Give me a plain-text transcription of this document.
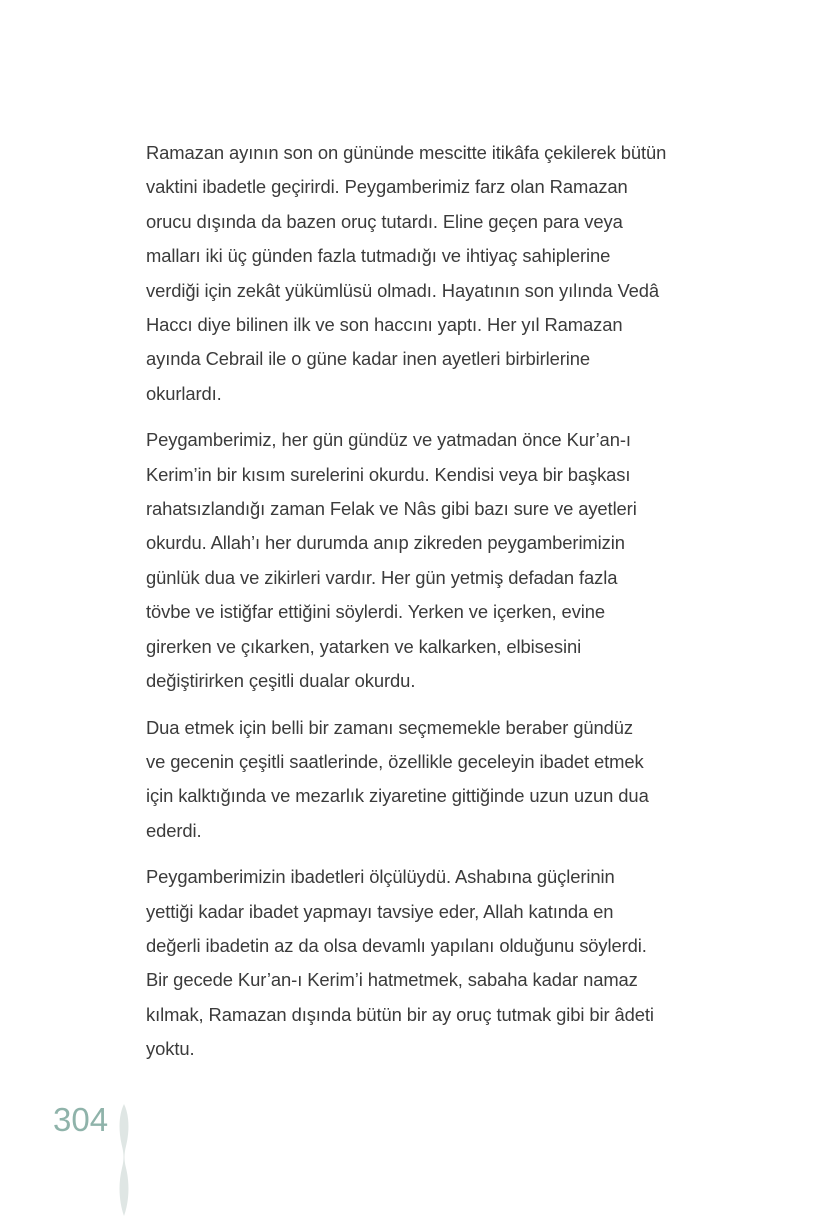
Ramazan ayının son on gününde mescitte itikâfa çekilerek bütün
vaktini ibadetle geçirirdi. Peygamberimiz farz olan Ramazan
orucu dışında da bazen oruç tutardı. Eline geçen para veya
malları iki üç günden fazla tutmadığı ve ihtiyaç sahiplerine
verdiği için zekât yükümlüsü olmadı. Hayatının son yılında Vedâ
Haccı diye bilinen ilk ve son haccını yaptı. Her yıl Ramazan
ayında Cebrail ile o güne kadar inen ayetleri birbirlerine
okurlardı.

Peygamberimiz, her gün gündüz ve yatmadan önce Kur’an-ı
Kerim’in bir kısım surelerini okurdu. Kendisi veya bir başkası
rahatsızlandığı zaman Felak ve Nâs gibi bazı sure ve ayetleri
okurdu. Allah’ı her durumda anıp zikreden peygamberimizin
günlük dua ve zikirleri vardır. Her gün yetmiş defadan fazla
tövbe ve istiğfar ettiğini söylerdi. Yerken ve içerken, evine
girerken ve çıkarken, yatarken ve kalkarken, elbisesini
değiştirirken çeşitli dualar okurdu.

Dua etmek için belli bir zamanı seçmemekle beraber gündüz
ve gecenin çeşitli saatlerinde, özellikle geceleyin ibadet etmek
için kalktığında ve mezarlık ziyaretine gittiğinde uzun uzun dua
ederdi.

Peygamberimizin ibadetleri ölçülüydü. Ashabına güçlerinin
yettiği kadar ibadet yapmayı tavsiye eder, Allah katında en
değerli ibadetin az da olsa devamlı yapılanı olduğunu söylerdi.
Bir gecede Kur’an-ı Kerim’i hatmetmek, sabaha kadar namaz
kılmak, Ramazan dışında bütün bir ay oruç tutmak gibi bir âdeti
yoktu.

304
